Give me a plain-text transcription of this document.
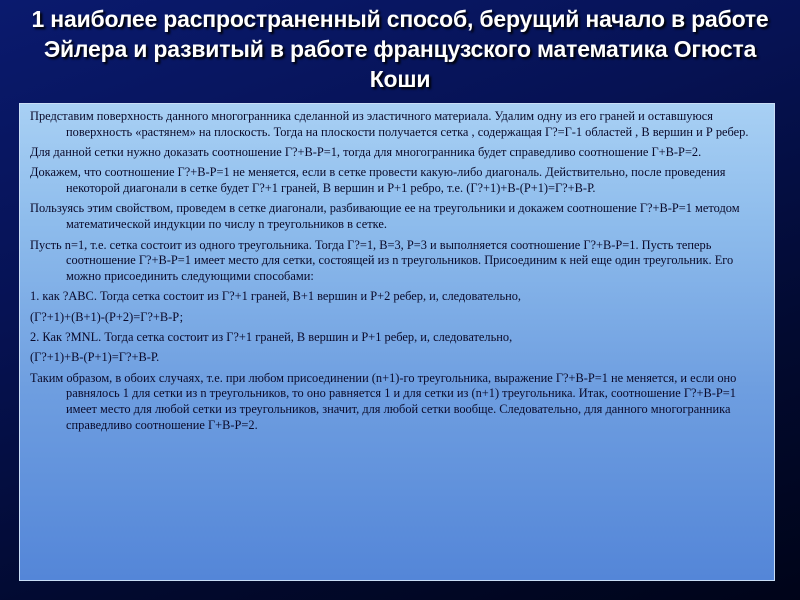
1 наиболее распространенный способ, берущий начало в работе Эйлера и развитый в работе французского математика Огюста Коши

Представим поверхность данного многогранника сделанной из эластичного материала. Удалим одну из его граней и оставшуюся поверхность «растянем» на плоскость. Тогда на плоскости получается сетка , содержащая Г?=Г-1 областей , В вершин и Р ребер.

Для данной сетки нужно доказать соотношение Г?+В-Р=1, тогда для многогранника будет справедливо соотношение Г+В-Р=2.

Докажем, что соотношение Г?+В-Р=1 не меняется, если в сетке провести какую-либо диагональ. Действительно, после проведения некоторой диагонали в сетке будет Г?+1 граней, В вершин и Р+1 ребро, т.е. (Г?+1)+В-(Р+1)=Г?+В-Р.

Пользуясь этим свойством, проведем в сетке диагонали, разбивающие ее на треугольники и докажем соотношение Г?+В-Р=1 методом математической индукции по числу n треугольников в сетке.

Пусть n=1, т.е. сетка состоит из одного треугольника. Тогда Г?=1, В=3, Р=3 и выполняется соотношение Г?+В-Р=1. Пусть теперь соотношение Г?+В-Р=1 имеет место для сетки, состоящей из n треугольников. Присоединим к ней еще один треугольник. Его можно присоединить следующими способами:

1. как ?АВС. Тогда сетка состоит из Г?+1 граней, В+1 вершин и Р+2 ребер, и, следовательно,

(Г?+1)+(В+1)-(Р+2)=Г?+В-Р;

2. Как ?MNL. Тогда сетка состоит из Г?+1 граней, В вершин и Р+1 ребер, и, следовательно,

(Г?+1)+В-(Р+1)=Г?+В-Р.

Таким образом, в обоих случаях, т.е. при любом присоединении (n+1)-го треугольника, выражение Г?+В-Р=1 не меняется, и если оно равнялось 1 для сетки из n треугольников, то оно равняется 1 и для сетки из (n+1) треугольника. Итак, соотношение Г?+В-Р=1 имеет место для любой сетки из треугольников, значит, для любой сетки вообще. Следовательно, для данного многогранника справедливо соотношение Г+В-Р=2.
